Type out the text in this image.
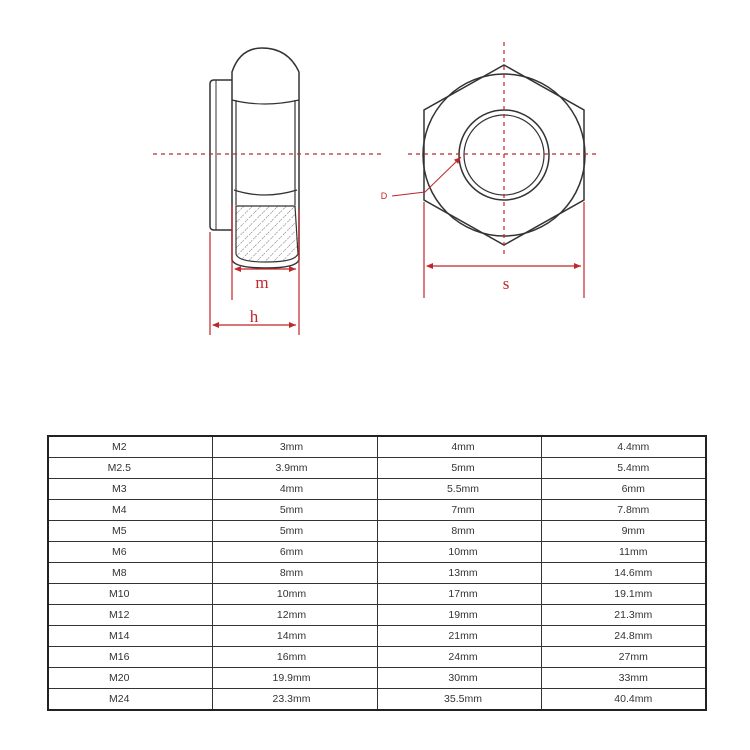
m
h
D
s
M2	3mm	4mm	4.4mm
M2.5	3.9mm	5mm	5.4mm
M3	4mm	5.5mm	6mm
M4	5mm	7mm	7.8mm
M5	5mm	8mm	9mm
M6	6mm	10mm	11mm
M8	8mm	13mm	14.6mm
M10	10mm	17mm	19.1mm
M12	12mm	19mm	21.3mm
M14	14mm	21mm	24.8mm
M16	16mm	24mm	27mm
M20	19.9mm	30mm	33mm
M24	23.3mm	35.5mm	40.4mm
